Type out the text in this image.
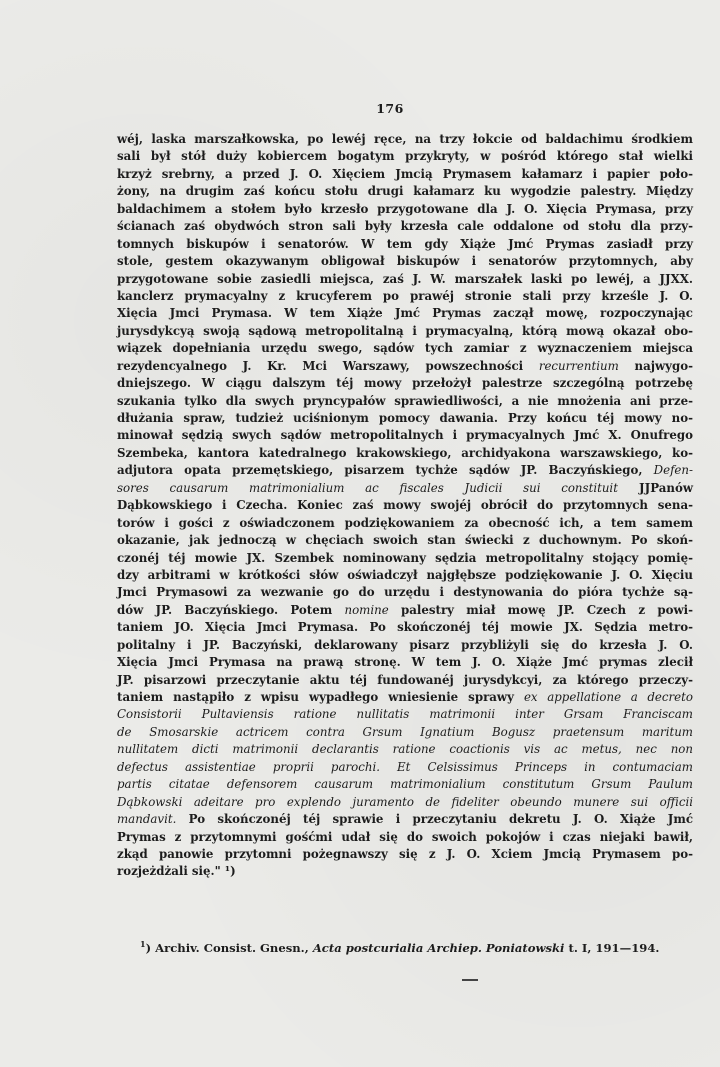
176
wéj, laska marszałkowska, po lewéj ręce, na trzy łokcie od baldachimu środkiem
sali był stół duży kobiercem bogatym przykryty, w pośród którego stał wielki
krzyż srebrny, a przed J. O. Xięciem Jmcią Prymasem kałamarz i papier poło-
żony, na drugim zaś końcu stołu drugi kałamarz ku wygodzie palestry. Między
baldachimem a stołem było krzesło przygotowane dla J. O. Xięcia Prymasa, przy
ścianach zaś obydwóch stron sali były krzesła cale oddalone od stołu dla przy-
tomnych biskupów i senatorów. W tem gdy Xiąże Jmć Prymas zasiadł przy
stole, gestem okazywanym obligował biskupów i senatorów przytomnych, aby
przygotowane sobie zasiedli miejsca, zaś J. W. marszałek laski po lewéj, a JJXX.
kanclerz prymacyalny z krucyferem po prawéj stronie stali przy krześle J. O.
Xięcia Jmci Prymasa. W tem Xiąże Jmć Prymas zaczął mowę, rozpoczynając
jurysdykcyą swoją sądową metropolitalną i prymacyalną, którą mową okazał obo-
wiązek dopełniania urzędu swego, sądów tych zamiar z wyznaczeniem miejsca
rezydencyalnego J. Kr. Mci Warszawy, powszechności recurrentium najwygo-
dniejszego. W ciągu dalszym téj mowy przełożył palestrze szczególną potrzebę
szukania tylko dla swych pryncypałów sprawiedliwości, a nie mnożenia ani prze-
dłużania spraw, tudzież uciśnionym pomocy dawania. Przy końcu téj mowy no-
minował sędzią swych sądów metropolitalnych i prymacyalnych Jmć X. Onufrego
Szembeka, kantora katedralnego krakowskiego, archidyakona warszawskiego, ko-
adjutora opata przemętskiego, pisarzem tychże sądów JP. Baczyńskiego, Defen-
sores causarum matrimonialium ac fiscales Judicii sui constituit JJPanów
Dąbkowskiego i Czecha. Koniec zaś mowy swojéj obrócił do przytomnych sena-
torów i gości z oświadczonem podziękowaniem za obecność ich, a tem samem
okazanie, jak jednoczą w chęciach swoich stan świecki z duchownym. Po skoń-
czonéj téj mowie JX. Szembek nominowany sędzia metropolitalny stojący pomię-
dzy arbitrami w krótkości słów oświadczył najgłębsze podziękowanie J. O. Xięciu
Jmci Prymasowi za wezwanie go do urzędu i destynowania do pióra tychże są-
dów JP. Baczyńskiego. Potem nomine palestry miał mowę JP. Czech z powi-
taniem JO. Xięcia Jmci Prymasa. Po skończonéj téj mowie JX. Sędzia metro-
politalny i JP. Baczyński, deklarowany pisarz przybliżyli się do krzesła J. O.
Xięcia Jmci Prymasa na prawą stronę. W tem J. O. Xiąże Jmć prymas zlecił
JP. pisarzowi przeczytanie aktu téj fundowanéj jurysdykcyi, za którego przeczy-
taniem nastąpiło z wpisu wypadłego wniesienie sprawy ex appellatione a decreto
Consistorii Pultaviensis ratione nullitatis matrimonii inter Grsam Franciscam
de Smosarskie actricem contra Grsum Ignatium Bogusz praetensum maritum
nullitatem dicti matrimonii declarantis ratione coactionis vis ac metus, nec non
defectus assistentiae proprii parochi. Et Celsissimus Princeps in contumaciam
partis citatae defensorem causarum matrimonialium constitutum Grsum Paulum
Dąbkowski adeitare pro explendo juramento de fideliter obeundo munere sui officii
mandavit. Po skończonéj téj sprawie i przeczytaniu dekretu J. O. Xiąże Jmć
Prymas z przytomnymi gośćmi udał się do swoich pokojów i czas niejaki bawił,
zkąd panowie przytomni pożegnawszy się z J. O. Xciem Jmcią Prymasem po-
rozjeżdżali się." ¹)
$^1$) Archiv. Consist. Gnesn., Acta postcurialia Archiep. Poniatowski t. I, 191—194.
